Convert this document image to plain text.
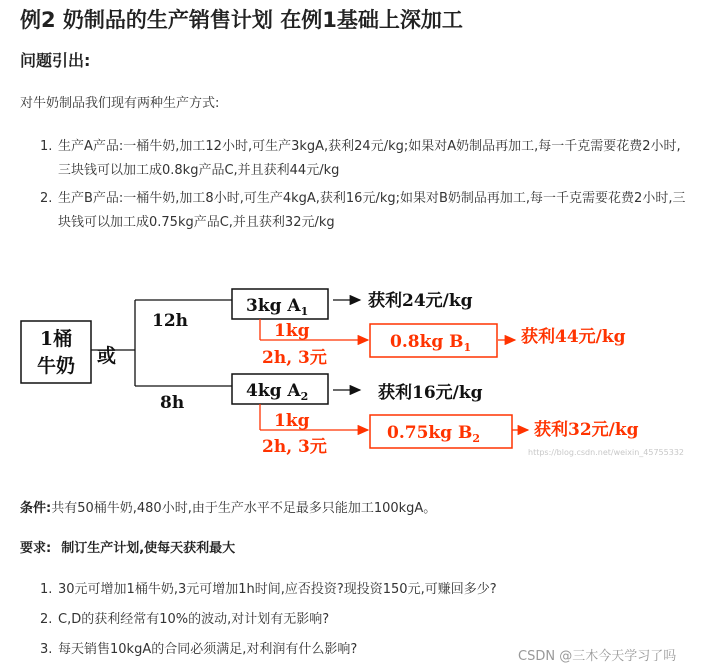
例2 奶制品的生产销售计划 在例1基础上深加工
问题引出:
对牛奶制品我们现有两种生产方式:
1. 生产A产品:一桶牛奶,加工12小时,可生产3kgA,获利24元/kg;如果对A奶制品再加工,每一千克需要花费2小时,三块钱可以加工成0.8kg产品C,并且获利44元/kg
2. 生产B产品:一桶牛奶,加工8小时,可生产4kgA,获利16元/kg;如果对B奶制品再加工,每一千克需要花费2小时,三块钱可以加工成0.75kg产品C,并且获利32元/kg
1桶
牛奶 或
12h
8h
3kg $A_1$
获利24元/kg
1kg
2h, 3元
0.8kg $B_1$
获利44元/kg
4kg $A_2$	获利16元/kg
1kg
2h, 3元
0.75kg $B_2$	获利32元/kg
https://blog.csdn.net/weixin_45755332
条件:共有50桶牛奶,480小时,由于生产水平不足最多只能加工100kgA。
要求: 制订生产计划,使每天获利最大
1. 30元可增加1桶牛奶,3元可增加1h时间,应否投资?现投资150元,可赚回多少?
2. C,D的获利经常有10%的波动,对计划有无影响?
3. 每天销售10kgA的合同必须满足,对利润有什么影响?	CSDN @三木今天学习了吗
